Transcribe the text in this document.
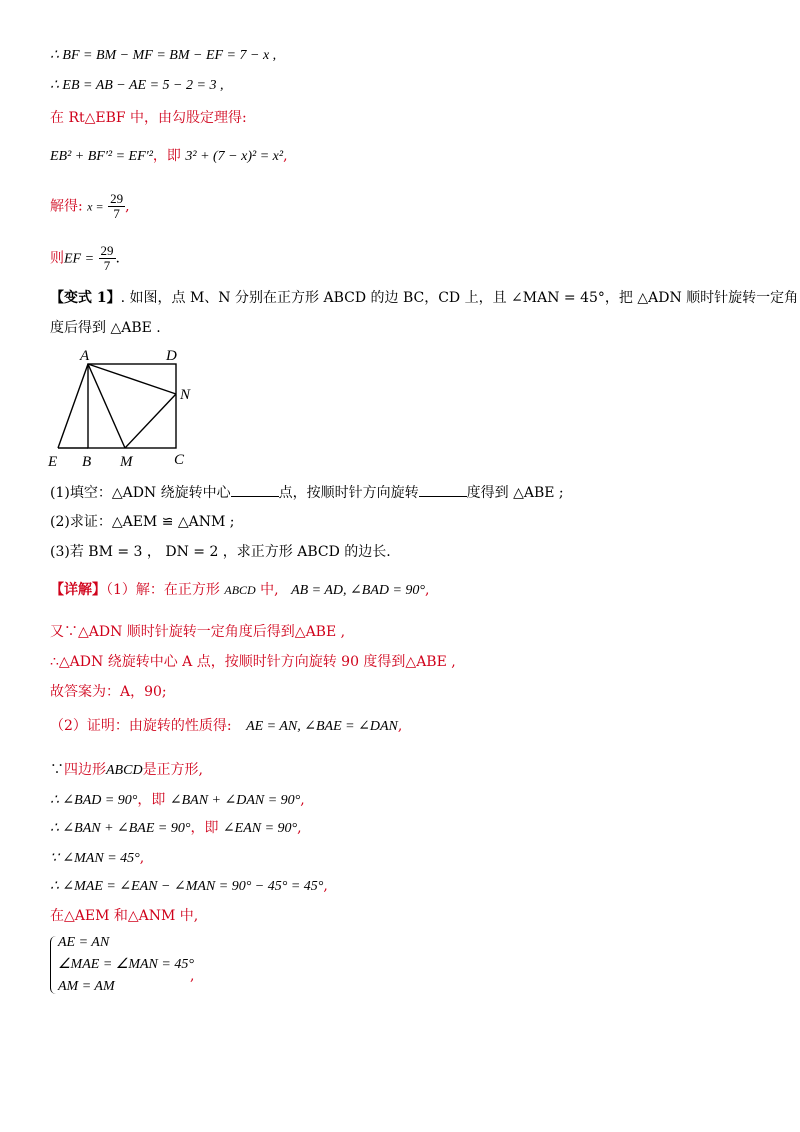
∴ BF = BM − MF = BM − EF = 7 − x ,
∴ EB = AB − AE = 5 − 2 = 3 ,
在 Rt△EBF 中，由勾股定理得:
EB² + BF′² = EF′²，即 3² + (7 − x)² = x²,
解得: $x = \frac{29}{7}$ ,
则EF = $\frac{29}{7}$ .
【变式 1】. 如图，点 M、N 分别在正方形 ABCD 的边 BC，CD 上，且 ∠MAN = 45°，把 △ADN 顺时针旋转一定角
度后得到 △ABE .
A	D
N
E B M	C
(1)填空：△ADN 绕旋转中心	点，按顺时针方向旋转	度得到 △ABE ;
(2)求证：△AEM ≌ △ANM ;
(3)若 BM = 3 ， DN = 2 ，求正方形 ABCD 的边长.
【详解】（1）解：在正方形 ABCD 中, AB = AD, ∠BAD = 90°,
又∵△ADN 顺时针旋转一定角度后得到△ABE ,
∴△ADN 绕旋转中心 A 点，按顺时针方向旋转 90 度得到△ABE ,
故答案为：A，90;
（2）证明：由旋转的性质得: AE = AN, ∠BAE = ∠DAN,
∵四边形ABCD是正方形,
∴ ∠BAD = 90°，即 ∠BAN + ∠DAN = 90°,
∴ ∠BAN + ∠BAE = 90°，即 ∠EAN = 90°,
∵ ∠MAN = 45°,
∴ ∠MAE = ∠EAN − ∠MAN = 90° − 45° = 45°,
在△AEM 和△ANM 中,
AE = AN
∠MAE = ∠MAN = 45°
AM = AM
,
